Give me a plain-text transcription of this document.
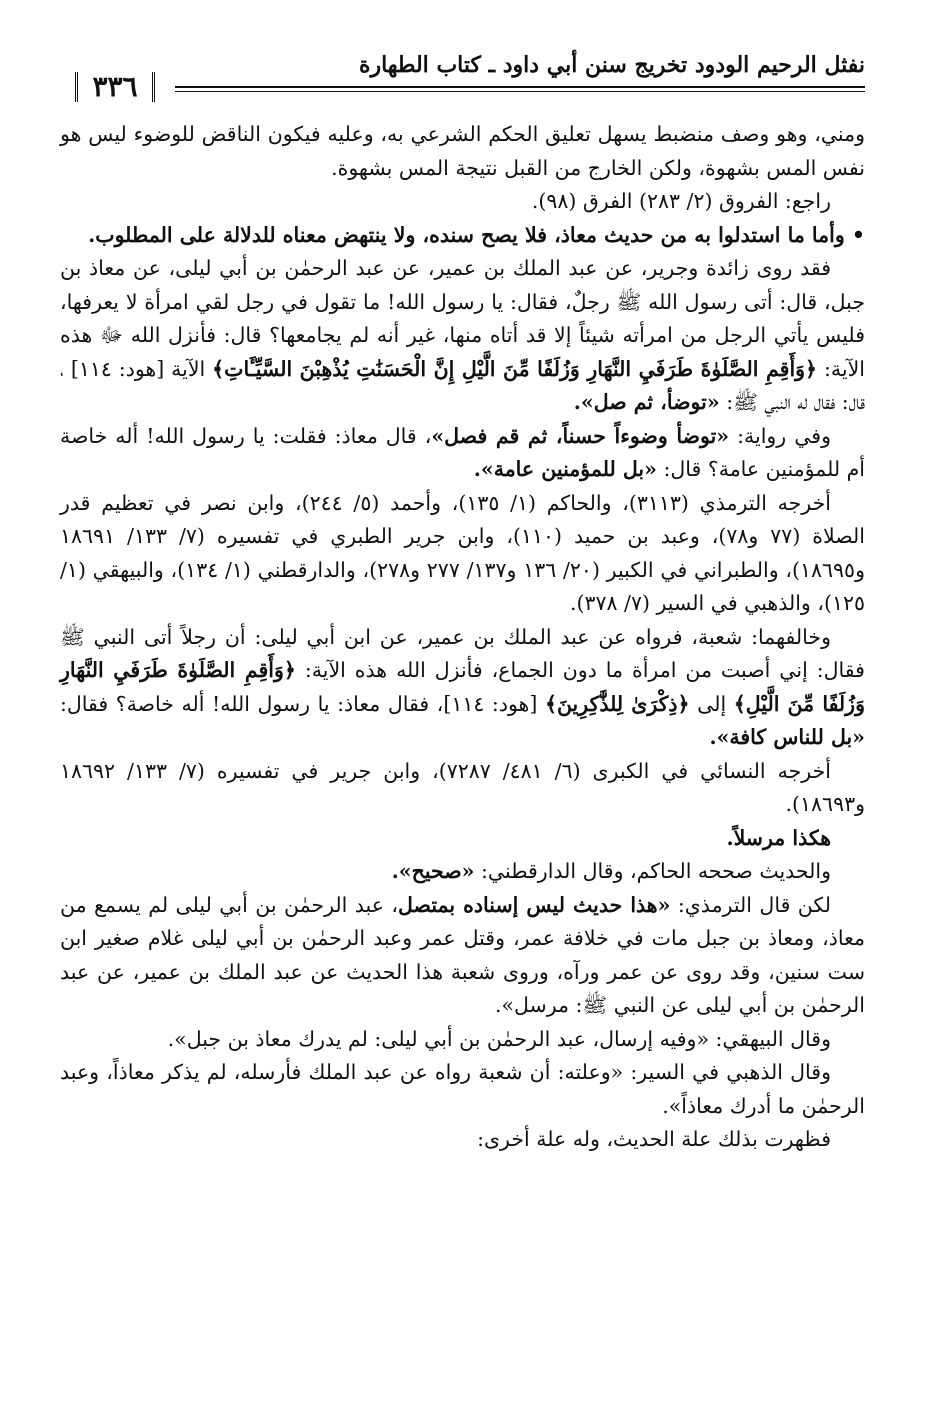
نفثل الرحيم الودود تخريج سنن أبي داود ـ كتاب الطهارة
٣٣٦

ومني، وهو وصف منضبط يسهل تعليق الحكم الشرعي به، وعليه فيكون الناقض للوضوء ليس هو نفس المس بشهوة، ولكن الخارج من القبل نتيجة المس بشهوة.

راجع: الفروق (٢/ ٢٨٣) الفرق (٩٨).

• وأما ما استدلوا به من حديث معاذ، فلا يصح سنده، ولا ينتهض معناه للدلالة على المطلوب.

فقد روى زائدة وجرير، عن عبد الملك بن عمير، عن عبد الرحمٰن بن أبي ليلى، عن معاذ بن جبل، قال: أتى رسول الله ﷺ رجلٌ، فقال: يا رسول الله! ما تقول في رجل لقي امرأة لا يعرفها، فليس يأتي الرجل من امرأته شيئاً إلا قد أتاه منها، غير أنه لم يجامعها؟ قال: فأنزل الله ﷻ هذه الآية: ﴿وَأَقِمِ الصَّلَوٰةَ طَرَفَيِ النَّهَارِ وَزُلَفًا مِّنَ الَّيْلِ إِنَّ الْحَسَنَٰتِ يُذْهِبْنَ السَّيِّـَٔاتِ﴾ الآية [هود: ١١٤] ، قال: فقال له النبي ﷺ: «توضأ، ثم صل».

وفي رواية: «توضأ وضوءاً حسناً، ثم قم فصل»، قال معاذ: فقلت: يا رسول الله! أله خاصة أم للمؤمنين عامة؟ قال: «بل للمؤمنين عامة».

أخرجه الترمذي (٣١١٣)، والحاكم (١/ ١٣٥)، وأحمد (٥/ ٢٤٤)، وابن نصر في تعظيم قدر الصلاة (٧٧ و٧٨)، وعبد بن حميد (١١٠)، وابن جرير الطبري في تفسيره (٧/ ١٣٣/ ١٨٦٩١ و١٨٦٩٥)، والطبراني في الكبير (٢٠/ ١٣٦ و١٣٧/ ٢٧٧ و٢٧٨)، والدارقطني (١/ ١٣٤)، والبيهقي (١/ ١٢٥)، والذهبي في السير (٧/ ٣٧٨).

وخالفهما: شعبة، فرواه عن عبد الملك بن عمير، عن ابن أبي ليلى: أن رجلاً أتى النبي ﷺ فقال: إني أصبت من امرأة ما دون الجماع، فأنزل الله هذه الآية: ﴿وَأَقِمِ الصَّلَوٰةَ طَرَفَيِ النَّهَارِ وَزُلَفًا مِّنَ الَّيْلِ﴾ إلى ﴿ذِكْرَىٰ لِلذَّٰكِرِينَ﴾ [هود: ١١٤]، فقال معاذ: يا رسول الله! أله خاصة؟ فقال: «بل للناس كافة».

أخرجه النسائي في الكبرى (٦/ ٤٨١/ ٧٢٨٧)، وابن جرير في تفسيره (٧/ ١٣٣/ ١٨٦٩٢ و١٨٦٩٣).

هكذا مرسلاً.

والحديث صححه الحاكم، وقال الدارقطني: «صحيح».

لكن قال الترمذي: «هذا حديث ليس إسناده بمتصل، عبد الرحمٰن بن أبي ليلى لم يسمع من معاذ، ومعاذ بن جبل مات في خلافة عمر، وقتل عمر وعبد الرحمٰن بن أبي ليلى غلام صغير ابن ست سنين، وقد روى عن عمر ورآه، وروى شعبة هذا الحديث عن عبد الملك بن عمير، عن عبد الرحمٰن بن أبي ليلى عن النبي ﷺ: مرسل».

وقال البيهقي: «وفيه إرسال، عبد الرحمٰن بن أبي ليلى: لم يدرك معاذ بن جبل».

وقال الذهبي في السير: «وعلته: أن شعبة رواه عن عبد الملك فأرسله، لم يذكر معاذاً، وعبد الرحمٰن ما أدرك معاذاً».

فظهرت بذلك علة الحديث، وله علة أخرى:
